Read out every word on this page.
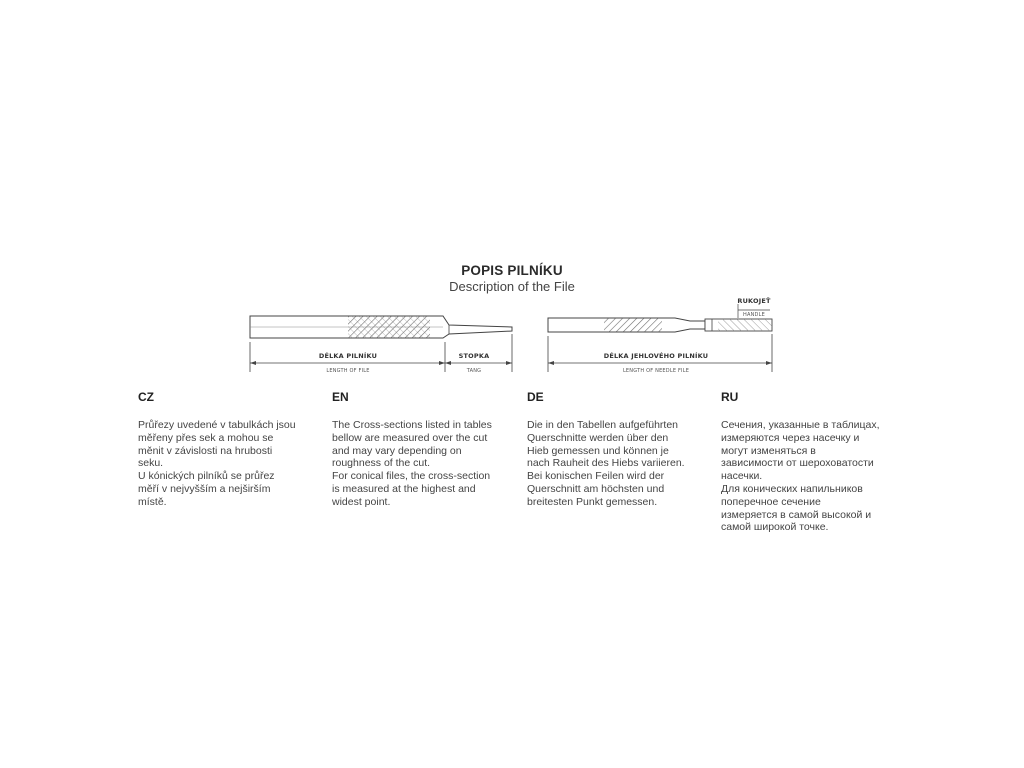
POPIS PILNÍKU
Description of the File
DÉLKA PILNÍKU
LENGTH OF FILE
STOPKA
TANG
RUKOJEŤ
HANDLE
DÉLKA JEHLOVÉHO PILNÍKU
LENGTH OF NEEDLE FILE
CZ
Průřezy uvedené v tabulkách jsou
měřeny přes sek a mohou se
měnit v závislosti na hrubosti
seku.
U kónických pilníků se průřez
měří v nejvyšším a nejširším
místě.
EN
The Cross-sections listed in tables
bellow are measured over the cut
and may vary depending on
roughness of the cut.
For conical files, the cross-section
is measured at the highest and
widest point.
DE
Die in den Tabellen aufgeführten
Querschnitte werden über den
Hieb gemessen und können je
nach Rauheit des Hiebs variieren.
Bei konischen Feilen wird der
Querschnitt am höchsten und
breitesten Punkt gemessen.
RU
Сечения, указанные в таблицах,
измеряются через насечку и
могут изменяться в
зависимости от шероховатости
насечки.
Для конических напильников
поперечное сечение
измеряется в самой высокой и
самой широкой точке.
